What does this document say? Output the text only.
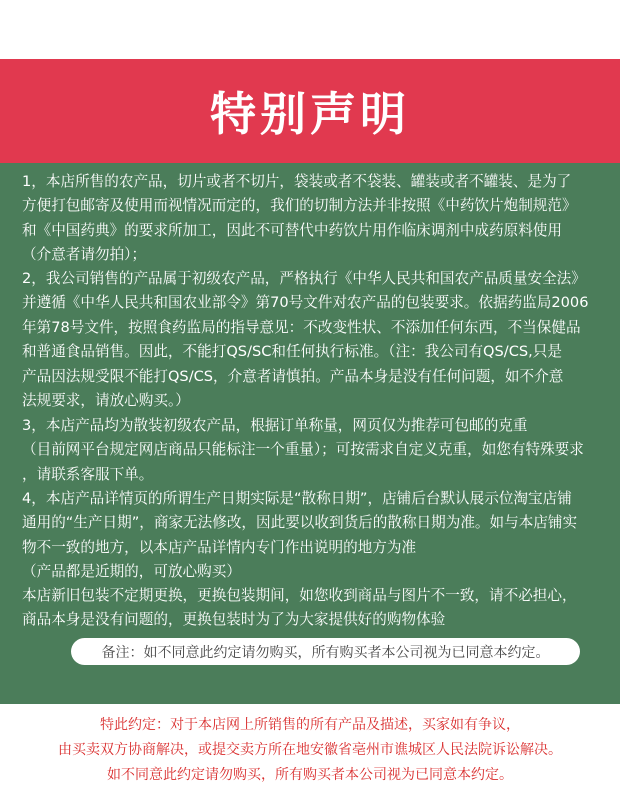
特别声明
1，本店所售的农产品，切片或者不切片，袋装或者不袋装、罐装或者不罐装、是为了
方便打包邮寄及使用而视情况而定的，我们的切制方法并非按照《中药饮片炮制规范》
和《中国药典》的要求所加工，因此不可替代中药饮片用作临床调剂中成药原料使用
（介意者请勿拍）；
2，我公司销售的产品属于初级农产品，严格执行《中华人民共和国农产品质量安全法》
并遵循《中华人民共和国农业部令》第70号文件对农产品的包装要求。依据药监局2006
年第78号文件，按照食药监局的指导意见：不改变性状、不添加任何东西，不当保健品
和普通食品销售。因此，不能打QS/SC和任何执行标准。（注：我公司有QS/CS,只是
产品因法规受限不能打QS/CS，介意者请慎拍。产品本身是没有任何问题，如不介意
法规要求，请放心购买。）
3，本店产品均为散装初级农产品，根据订单称量，网页仅为推荐可包邮的克重
（目前网平台规定网店商品只能标注一个重量）；可按需求自定义克重，如您有特殊要求
，请联系客服下单。
4，本店产品详情页的所谓生产日期实际是“散称日期”，店铺后台默认展示位淘宝店铺
通用的“生产日期”，商家无法修改，因此要以收到货后的散称日期为准。如与本店铺实
物不一致的地方，以本店产品详情内专门作出说明的地方为准
（产品都是近期的，可放心购买）
本店新旧包装不定期更换，更换包装期间，如您收到商品与图片不一致，请不必担心，
商品本身是没有问题的，更换包装时为了为大家提供好的购物体验
备注：如不同意此约定请勿购买，所有购买者本公司视为已同意本约定。
特此约定：对于本店网上所销售的所有产品及描述，买家如有争议，
由买卖双方协商解决，或提交卖方所在地安徽省亳州市谯城区人民法院诉讼解决。
如不同意此约定请勿购买，所有购买者本公司视为已同意本约定。
